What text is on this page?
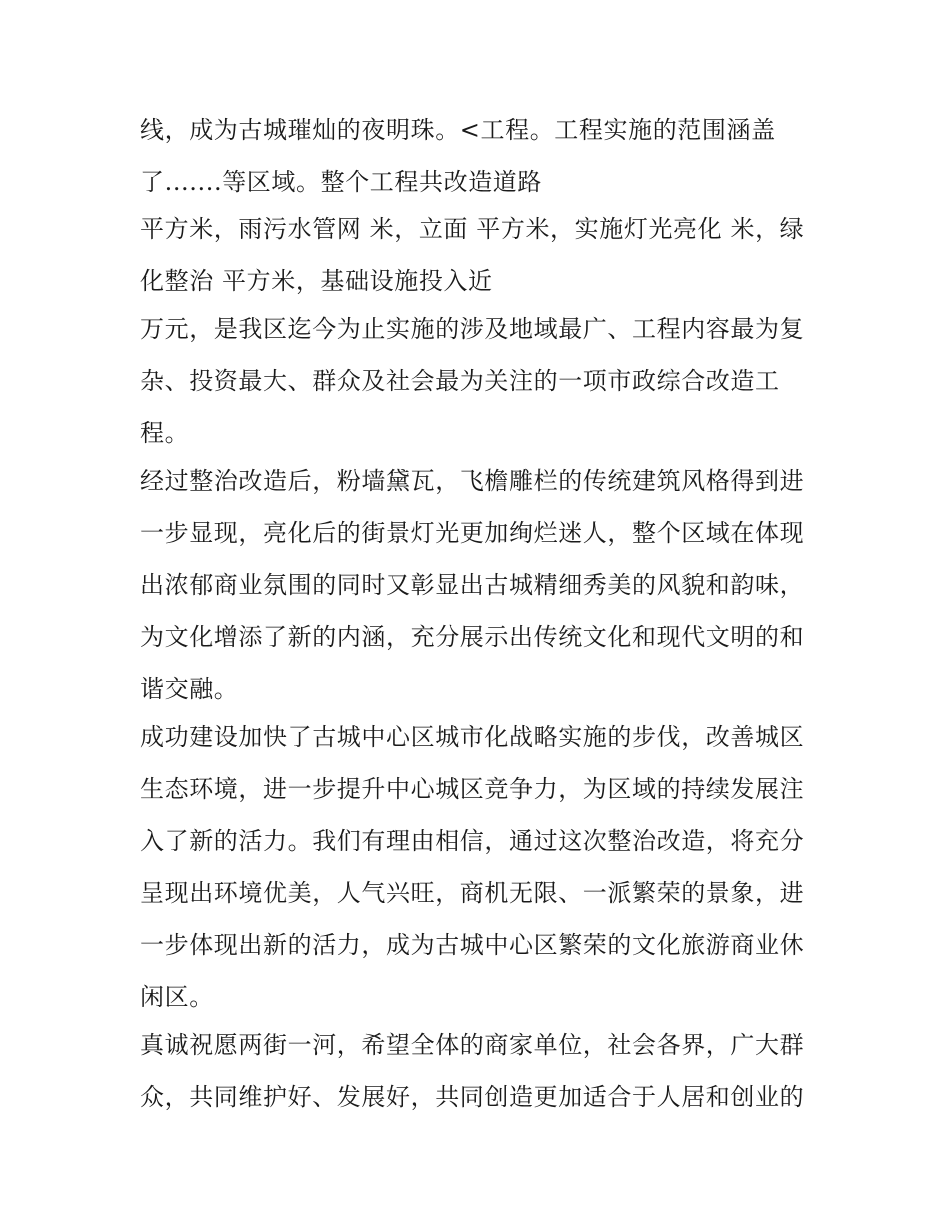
线，成为古城璀灿的夜明珠。<工程。工程实施的范围涵盖
了.......等区域。整个工程共改造道路
平方米，雨污水管网 米，立面 平方米，实施灯光亮化 米，绿
化整治 平方米，基础设施投入近
万元，是我区迄今为止实施的涉及地域最广、工程内容最为复
杂、投资最大、群众及社会最为关注的一项市政综合改造工
程。
经过整治改造后，粉墙黛瓦，飞檐雕栏的传统建筑风格得到进
一步显现，亮化后的街景灯光更加绚烂迷人，整个区域在体现
出浓郁商业氛围的同时又彰显出古城精细秀美的风貌和韵味，
为文化增添了新的内涵，充分展示出传统文化和现代文明的和
谐交融。
成功建设加快了古城中心区城市化战略实施的步伐，改善城区
生态环境，进一步提升中心城区竞争力，为区域的持续发展注
入了新的活力。我们有理由相信，通过这次整治改造，将充分
呈现出环境优美，人气兴旺，商机无限、一派繁荣的景象，进
一步体现出新的活力，成为古城中心区繁荣的文化旅游商业休
闲区。
真诚祝愿两街一河，希望全体的商家单位，社会各界，广大群
众，共同维护好、发展好，共同创造更加适合于人居和创业的
